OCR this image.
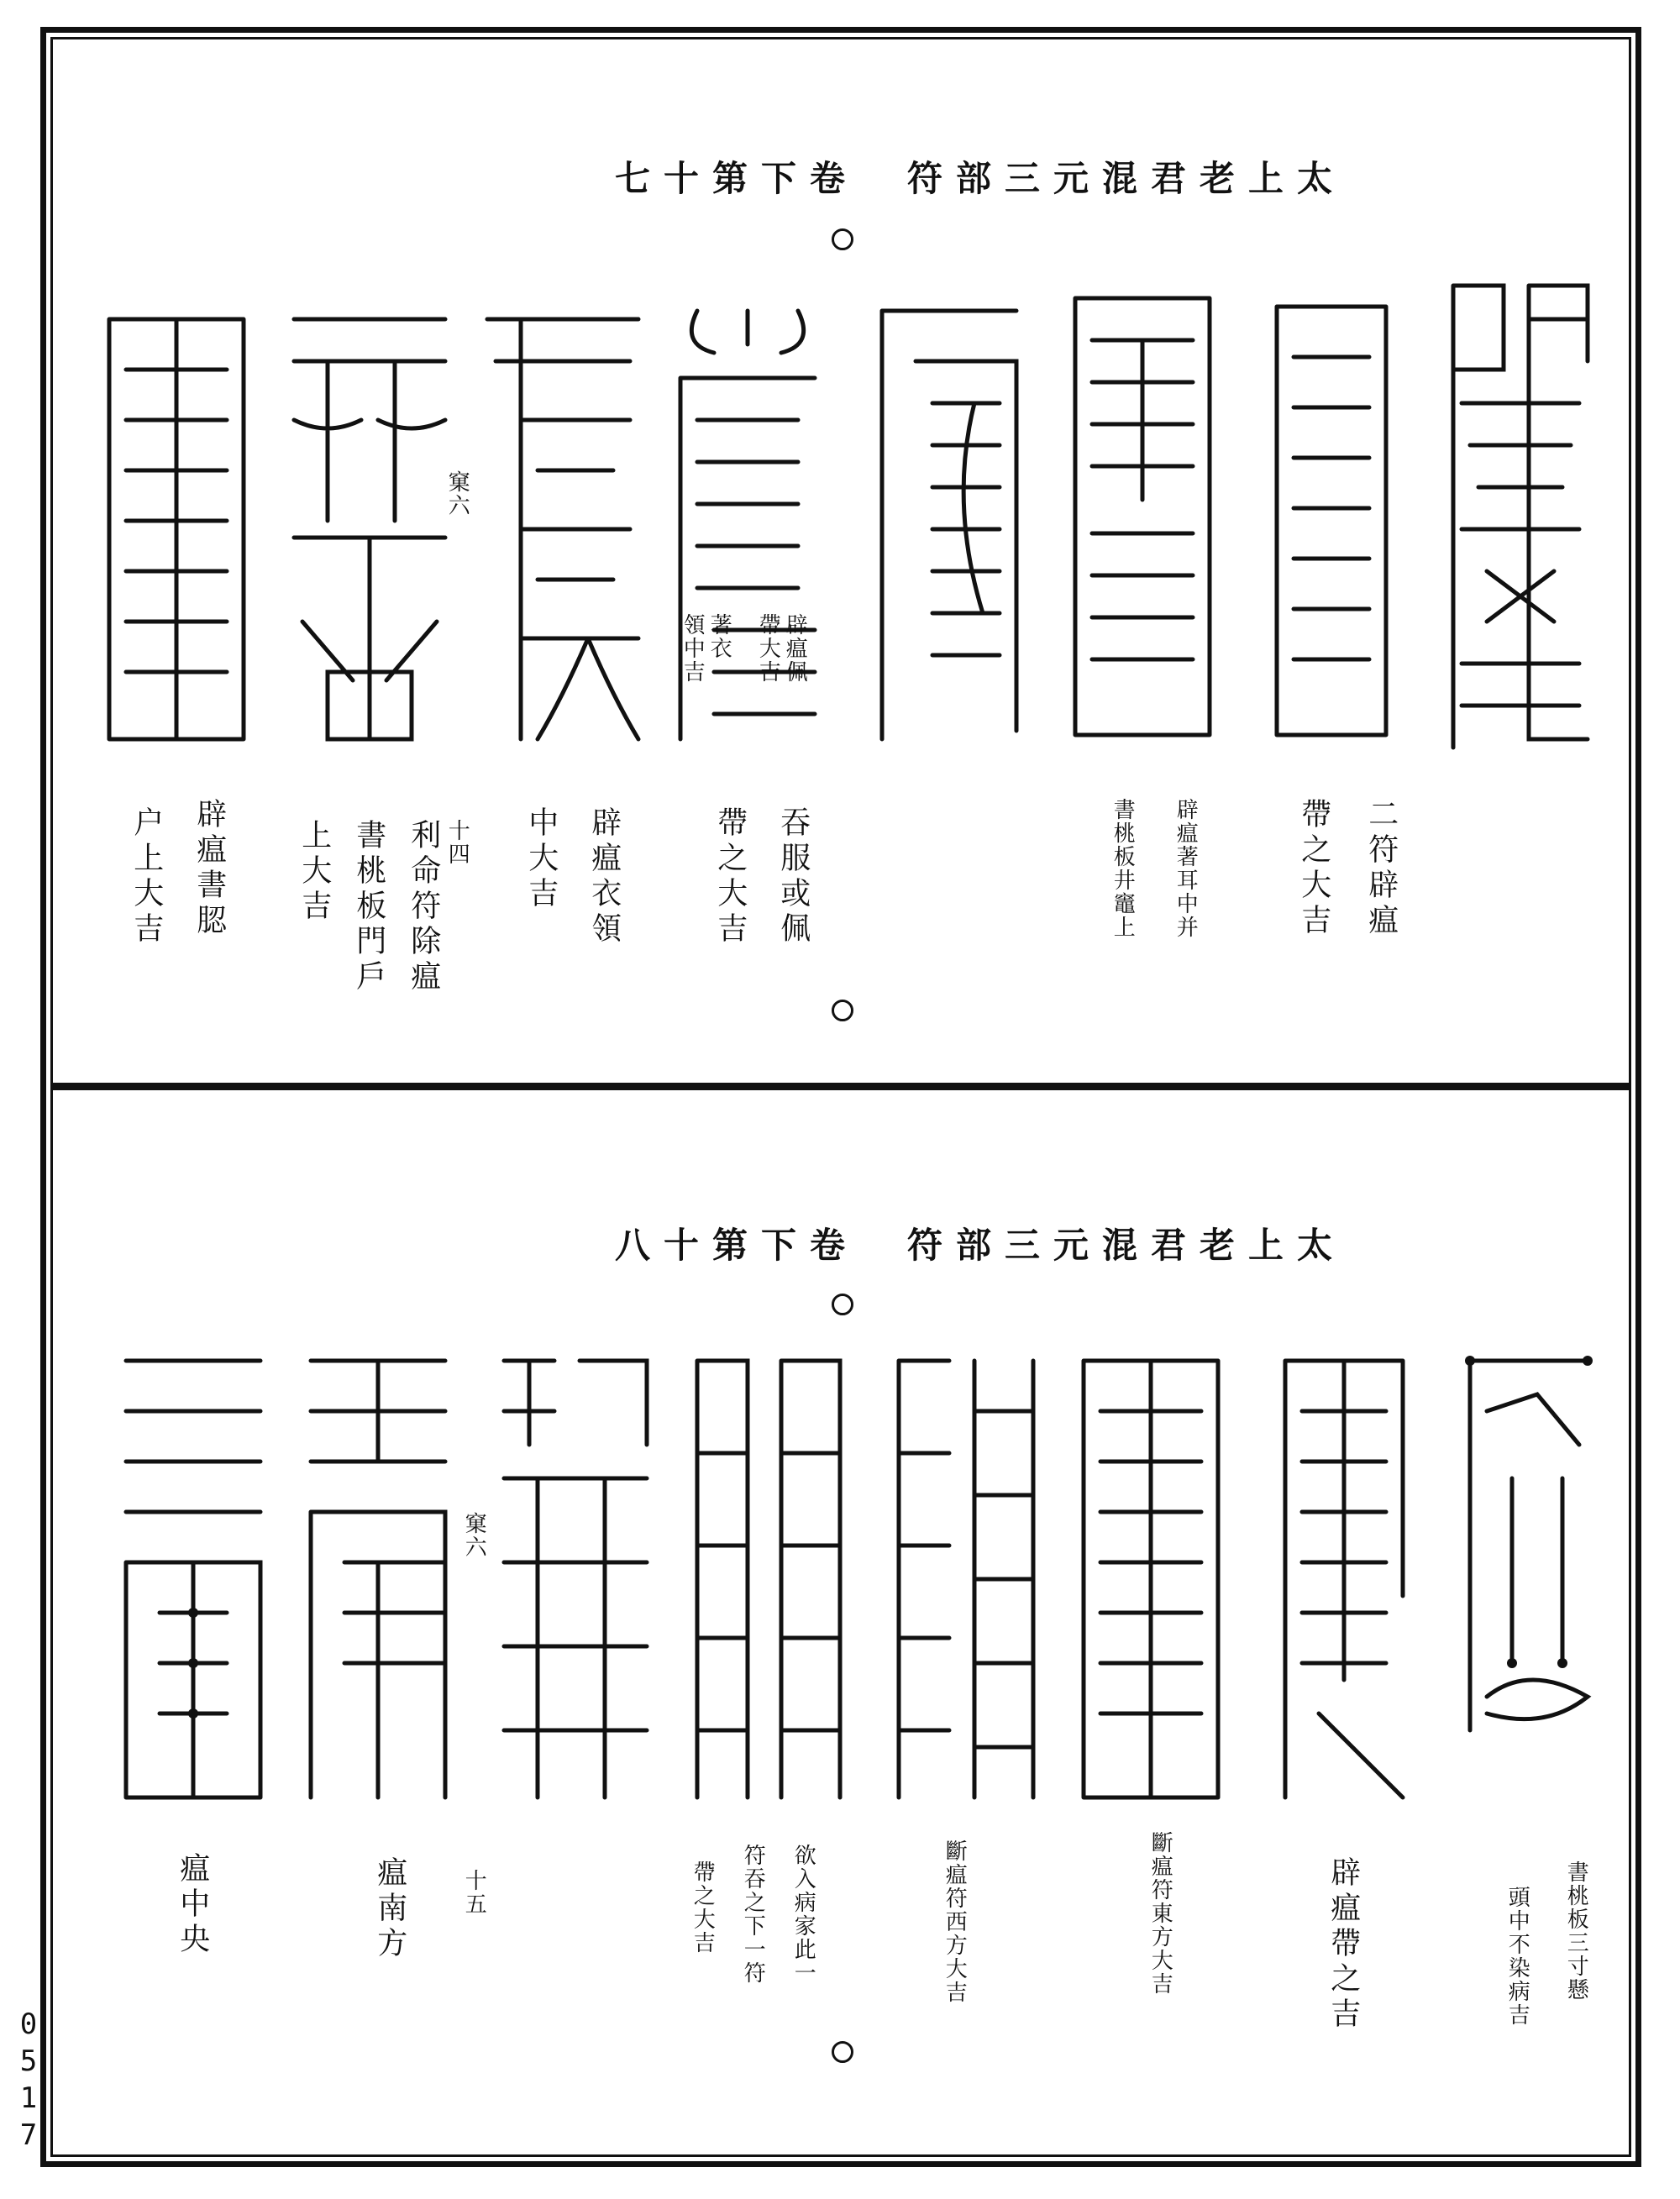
七十第下卷　符部三元混君老上太
窠六
十四
辟瘟佩
帶大吉
著衣
領中吉
二符辟瘟
帶之大吉
辟瘟著耳中并
書桃板井竈上
吞服或佩
帶之大吉
辟瘟衣領
中大吉
利命符除瘟
書桃板門戶
上大吉
辟瘟書䏰
户上大吉
八十第下卷　符部三元混君老上太
窠六
十五	書桃板三寸懸
頭中不染病吉
辟瘟帶之吉
斷瘟符東方大吉
斷瘟符西方大吉
欲入病家此一
符吞之下一符
帶之大吉
瘟南方
瘟中央
0517
